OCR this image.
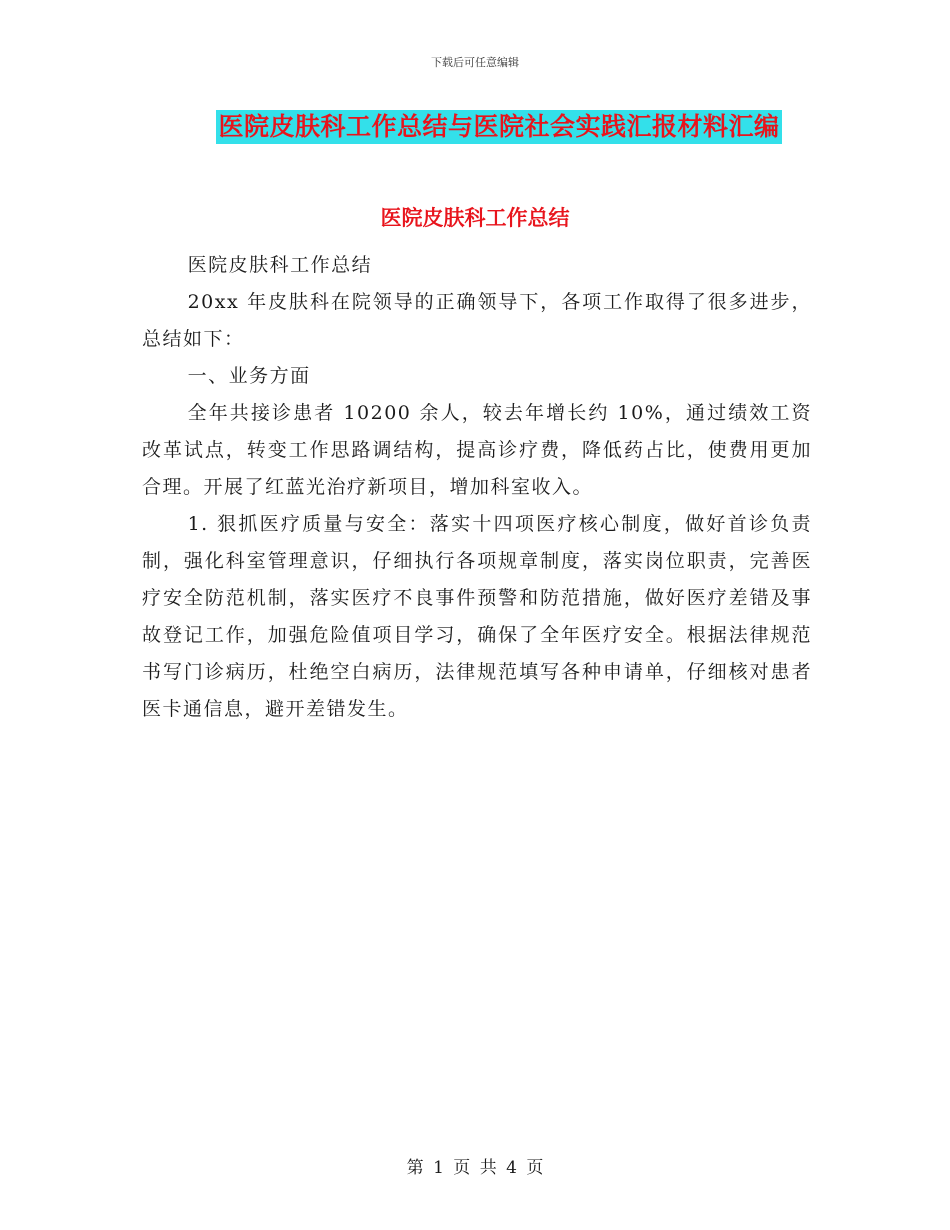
下载后可任意编辑
医院皮肤科工作总结与医院社会实践汇报材料汇编
医院皮肤科工作总结

医院皮肤科工作总结

20xx 年皮肤科在院领导的正确领导下，各项工作取得了很多进步，总结如下：

一、业务方面

全年共接诊患者 10200 余人，较去年增长约 10%，通过绩效工资改革试点，转变工作思路调结构，提高诊疗费，降低药占比，使费用更加合理。开展了红蓝光治疗新项目，增加科室收入。

1. 狠抓医疗质量与安全：落实十四项医疗核心制度，做好首诊负责制，强化科室管理意识，仔细执行各项规章制度，落实岗位职责，完善医疗安全防范机制，落实医疗不良事件预警和防范措施，做好医疗差错及事故登记工作，加强危险值项目学习，确保了全年医疗安全。根据法律规范书写门诊病历，杜绝空白病历，法律规范填写各种申请单，仔细核对患者医卡通信息，避开差错发生。

第 1 页 共 4 页
